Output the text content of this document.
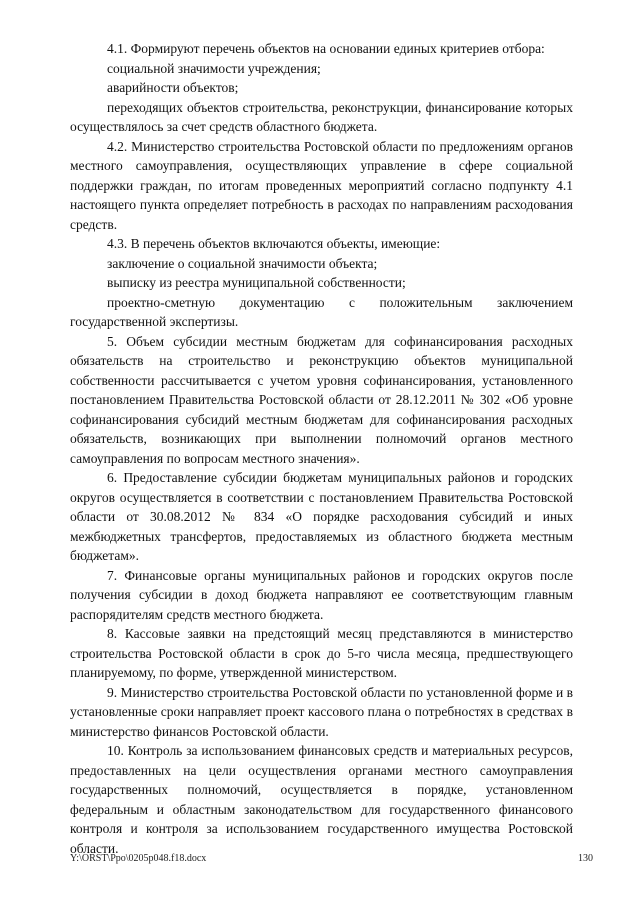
4.1. Формируют перечень объектов на основании единых критериев отбора:

социальной значимости учреждения;

аварийности объектов;

переходящих объектов строительства, реконструкции, финансирование которых осуществлялось за счет средств областного бюджета.

4.2. Министерство строительства Ростовской области по предложениям органов местного самоуправления, осуществляющих управление в сфере социальной поддержки граждан, по итогам проведенных мероприятий согласно подпункту 4.1 настоящего пункта определяет потребность в расходах по направлениям расходования средств.

4.3. В перечень объектов включаются объекты, имеющие:

заключение о социальной значимости объекта;

выписку из реестра муниципальной собственности;

проектно-сметную документацию с положительным заключением государственной экспертизы.

5. Объем субсидии местным бюджетам для софинансирования расходных обязательств на строительство и реконструкцию объектов муниципальной собственности рассчитывается с учетом уровня софинансирования, установленного постановлением Правительства Ростовской области от 28.12.2011 № 302 «Об уровне софинансирования субсидий местным бюджетам для софинансирования расходных обязательств, возникающих при выполнении полномочий органов местного самоуправления по вопросам местного значения».

6. Предоставление субсидии бюджетам муниципальных районов и городских округов осуществляется в соответствии с постановлением Правительства Ростовской области от 30.08.2012 № 834 «О порядке расходования субсидий и иных межбюджетных трансфертов, предоставляемых из областного бюджета местным бюджетам».

7. Финансовые органы муниципальных районов и городских округов после получения субсидии в доход бюджета направляют ее соответствующим главным распорядителям средств местного бюджета.

8. Кассовые заявки на предстоящий месяц представляются в министерство строительства Ростовской области в срок до 5-го числа месяца, предшествующего планируемому, по форме, утвержденной министерством.

9. Министерство строительства Ростовской области по установленной форме и в установленные сроки направляет проект кассового плана о потребностях в средствах в министерство финансов Ростовской области.

10. Контроль за использованием финансовых средств и материальных ресурсов, предоставленных на цели осуществления органами местного самоуправления государственных полномочий, осуществляется в порядке, установленном федеральным и областным законодательством для государственного финансового контроля и контроля за использованием государственного имущества Ростовской области.

Y:\ORST\Ppo\0205p048.f18.docx	130
